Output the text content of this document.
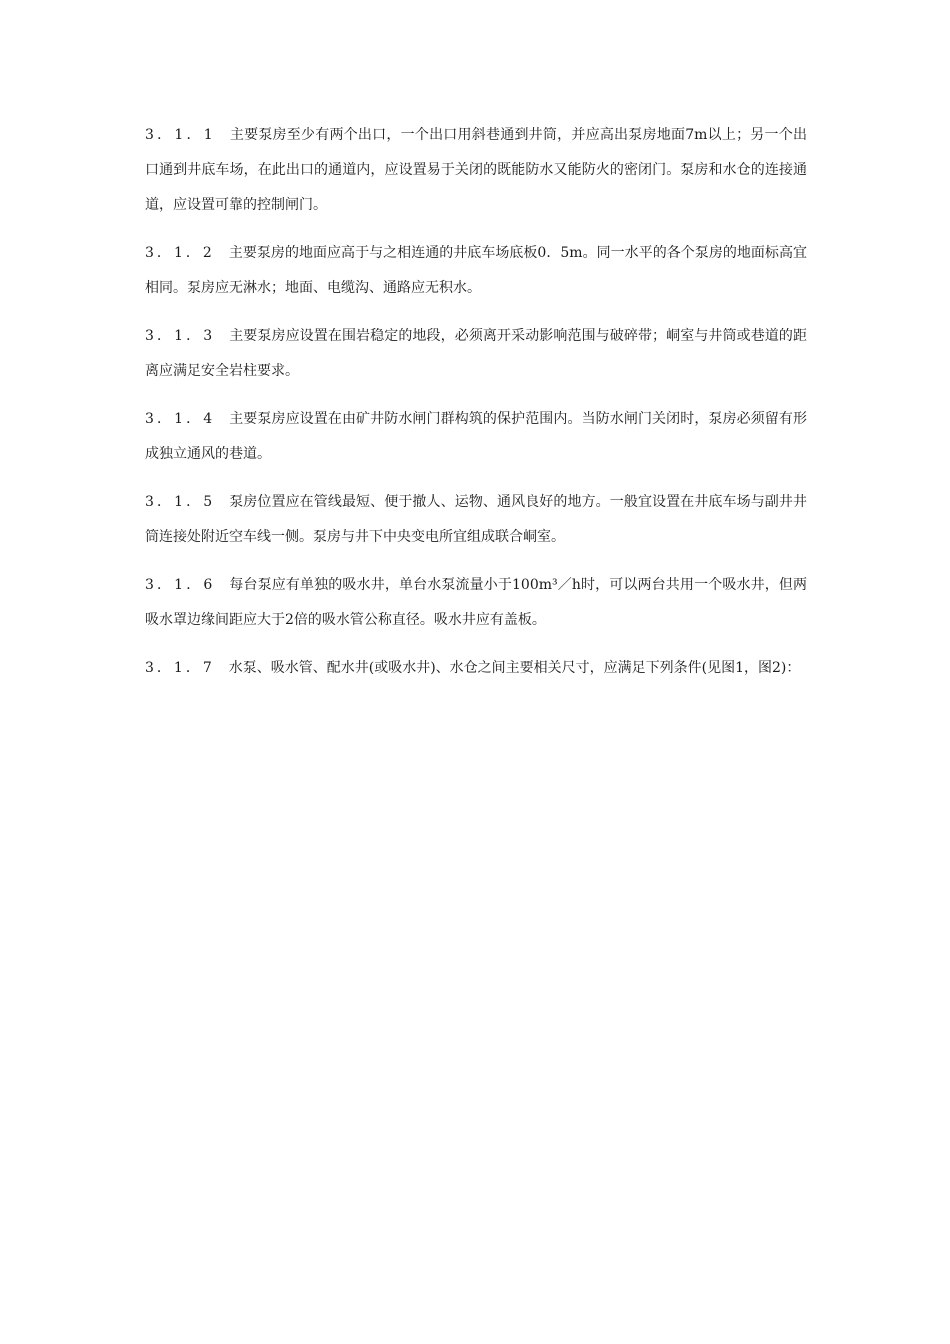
3．1．1 主要泵房至少有两个出口，一个出口用斜巷通到井筒，并应高出泵房地面7m以上；另一个出口通到井底车场，在此出口的通道内，应设置易于关闭的既能防水又能防火的密闭门。泵房和水仓的连接通道，应设置可靠的控制闸门。

3．1．2 主要泵房的地面应高于与之相连通的井底车场底板0．5m。同一水平的各个泵房的地面标高宜相同。泵房应无淋水；地面、电缆沟、通路应无积水。

3．1．3 主要泵房应设置在围岩稳定的地段，必须离开采动影响范围与破碎带；峒室与井筒或巷道的距离应满足安全岩柱要求。

3．1．4 主要泵房应设置在由矿井防水闸门群构筑的保护范围内。当防水闸门关闭时，泵房必须留有形成独立通风的巷道。

3．1．5 泵房位置应在管线最短、便于撤人、运物、通风良好的地方。一般宜设置在井底车场与副井井筒连接处附近空车线一侧。泵房与井下中央变电所宜组成联合峒室。

3．1．6 每台泵应有单独的吸水井，单台水泵流量小于100m³／h时，可以两台共用一个吸水井，但两吸水罩边缘间距应大于2倍的吸水管公称直径。吸水井应有盖板。

3．1．7 水泵、吸水管、配水井(或吸水井)、水仓之间主要相关尺寸，应满足下列条件(见图1，图2)：
